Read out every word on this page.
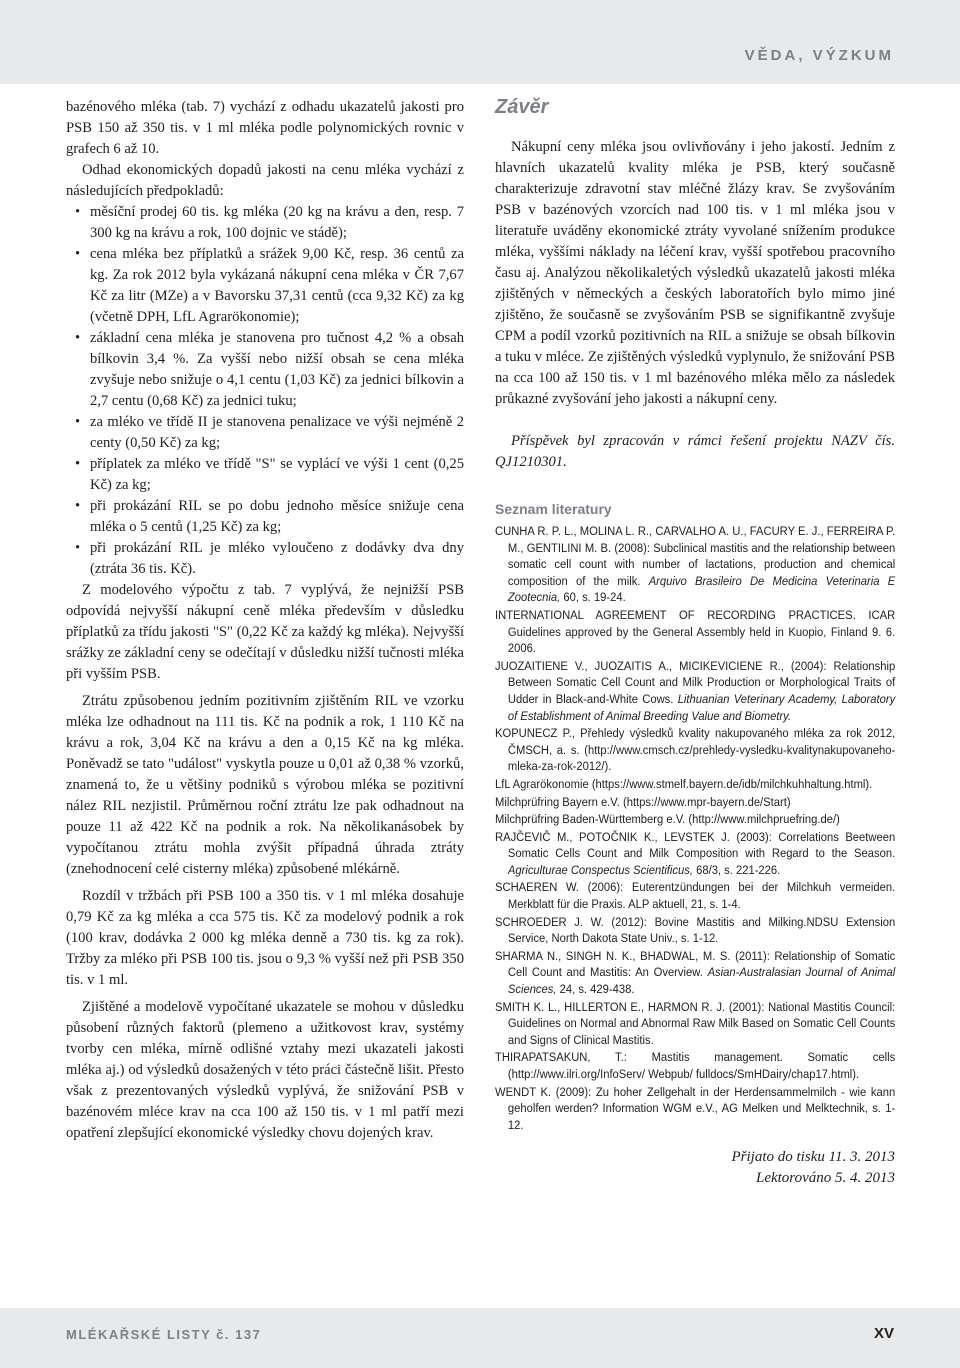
VĚDA, VÝZKUM

bazénového mléka (tab. 7) vychází z odhadu ukazatelů jakosti pro PSB 150 až 350 tis. v 1 ml mléka podle polynomických rovnic v grafech 6 až 10.

Odhad ekonomických dopadů jakosti na cenu mléka vychází z následujících předpokladů:

• měsíční prodej 60 tis. kg mléka (20 kg na krávu a den, resp. 7 300 kg na krávu a rok, 100 dojnic ve stádě);
• cena mléka bez příplatků a srážek 9,00 Kč, resp. 36 centů za kg. Za rok 2012 byla vykázaná nákupní cena mléka v ČR 7,67 Kč za litr (MZe) a v Bavorsku 37,31 centů (cca 9,32 Kč) za kg (včetně DPH, LfL Agrarökonomie);
• základní cena mléka je stanovena pro tučnost 4,2 % a obsah bílkovin 3,4 %. Za vyšší nebo nižší obsah se cena mléka zvyšuje nebo snižuje o 4,1 centu (1,03 Kč) za jednici bílkovin a 2,7 centu (0,68 Kč) za jednici tuku;
• za mléko ve třídě II je stanovena penalizace ve výši nejméně 2 centy (0,50 Kč) za kg;
• příplatek za mléko ve třídě "S" se vyplácí ve výši 1 cent (0,25 Kč) za kg;
• při prokázání RIL se po dobu jednoho měsíce snižuje cena mléka o 5 centů (1,25 Kč) za kg;
• při prokázání RIL je mléko vyloučeno z dodávky dva dny (ztráta 36 tis. Kč).

Z modelového výpočtu z tab. 7 vyplývá, že nejnižší PSB odpovídá nejvyšší nákupní ceně mléka především v důsledku příplatků za třídu jakosti "S" (0,22 Kč za každý kg mléka). Nejvyšší srážky ze základní ceny se odečítají v důsledku nižší tučnosti mléka při vyšším PSB.

Ztrátu způsobenou jedním pozitivním zjištěním RIL ve vzorku mléka lze odhadnout na 111 tis. Kč na podnik a rok, 1 110 Kč na krávu a rok, 3,04 Kč na krávu a den a 0,15 Kč na kg mléka. Poněvadž se tato "událost" vyskytla pouze u 0,01 až 0,38 % vzorků, znamená to, že u většiny podniků s výrobou mléka se pozitivní nález RIL nezjistil. Průměrnou roční ztrátu lze pak odhadnout na pouze 11 až 422 Kč na podnik a rok. Na několikanásobek by vypočítanou ztrátu mohla zvýšit případná úhrada ztráty (znehodnocení celé cisterny mléka) způsobené mlékárně.

Rozdíl v tržbách při PSB 100 a 350 tis. v 1 ml mléka dosahuje 0,79 Kč za kg mléka a cca 575 tis. Kč za modelový podnik a rok (100 krav, dodávka 2 000 kg mléka denně a 730 tis. kg za rok). Tržby za mléko při PSB 100 tis. jsou o 9,3 % vyšší než při PSB 350 tis. v 1 ml.

Zjištěné a modelově vypočítané ukazatele se mohou v důsledku působení různých faktorů (plemeno a užitkovost krav, systémy tvorby cen mléka, mírně odlišné vztahy mezi ukazateli jakosti mléka aj.) od výsledků dosažených v této práci částečně lišit. Přesto však z prezentovaných výsledků vyplývá, že snižování PSB v bazénovém mléce krav na cca 100 až 150 tis. v 1 ml patří mezi opatření zlepšující ekonomické výsledky chovu dojených krav.

Závěr

Nákupní ceny mléka jsou ovlivňovány i jeho jakostí. Jedním z hlavních ukazatelů kvality mléka je PSB, který současně charakterizuje zdravotní stav mléčné žlázy krav. Se zvyšováním PSB v bazénových vzorcích nad 100 tis. v 1 ml mléka jsou v literatuře uváděny ekonomické ztráty vyvolané snížením produkce mléka, vyššími náklady na léčení krav, vyšší spotřebou pracovního času aj. Analýzou několikaletých výsledků ukazatelů jakosti mléka zjištěných v německých a českých laboratořích bylo mimo jiné zjištěno, že současně se zvyšováním PSB se signifikantně zvyšuje CPM a podíl vzorků pozitivních na RIL a snižuje se obsah bílkovin a tuku v mléce. Ze zjištěných výsledků vyplynulo, že snižování PSB na cca 100 až 150 tis. v 1 ml bazénového mléka mělo za následek průkazné zvyšování jeho jakosti a nákupní ceny.

Příspěvek byl zpracován v rámci řešení projektu NAZV čís. QJ1210301.

Seznam literatury

CUNHA R. P. L., MOLINA L. R., CARVALHO A. U., FACURY E. J., FERREIRA P. M., GENTILINI M. B. (2008): Subclinical mastitis and the relationship between somatic cell count with number of lactations, production and chemical composition of the milk. Arquivo Brasileiro De Medicina Veterinaria E Zootecnia, 60, s. 19-24.

INTERNATIONAL AGREEMENT OF RECORDING PRACTICES. ICAR Guidelines approved by the General Assembly held in Kuopio, Finland 9. 6. 2006.

JUOZAITIENE V., JUOZAITIS A., MICIKEVICIENE R., (2004): Relationship Between Somatic Cell Count and Milk Production or Morphological Traits of Udder in Black-and-White Cows. Lithuanian Veterinary Academy, Laboratory of Establishment of Animal Breeding Value and Biometry.

KOPUNECZ P., Přehledy výsledků kvality nakupovaného mléka za rok 2012, ČMSCH, a. s. (http://www.cmsch.cz/prehledy-vysledku-kvalitynakupovaneho-mleka-za-rok-2012/).

LfL Agrarökonomie (https://www.stmelf.bayern.de/idb/milchkuhhaltung.html).

Milchprüfring Bayern e.V. (https://www.mpr-bayern.de/Start)

Milchprüfring Baden-Württemberg e.V. (http://www.milchpruefring.de/)

RAJČEVIČ M., POTOČNIK K., LEVSTEK J. (2003): Correlations Beetween Somatic Cells Count and Milk Composition with Regard to the Season. Agriculturae Conspectus Scientificus, 68/3, s. 221-226.

SCHAEREN W. (2006): Euterentzündungen bei der Milchkuh vermeiden. Merkblatt für die Praxis. ALP aktuell, 21, s. 1-4.

SCHROEDER J. W. (2012): Bovine Mastitis and Milking.NDSU Extension Service, North Dakota State Univ., s. 1-12.

SHARMA N., SINGH N. K., BHADWAL, M. S. (2011): Relationship of Somatic Cell Count and Mastitis: An Overview. Asian-Australasian Journal of Animal Sciences, 24, s. 429-438.

SMITH K. L., HILLERTON E., HARMON R. J. (2001): National Mastitis Council: Guidelines on Normal and Abnormal Raw Milk Based on Somatic Cell Counts and Signs of Clinical Mastitis.

THIRAPATSAKUN, T.: Mastitis management. Somatic cells (http://www.ilri.org/InfoServ/ Webpub/ fulldocs/SmHDairy/chap17.html).

WENDT K. (2009): Zu hoher Zellgehalt in der Herdensammelmilch - wie kann geholfen werden? Information WGM e.V., AG Melken und Melktechnik, s. 1-12.

Přijato do tisku 11. 3. 2013
Lektorováno 5. 4. 2013
MLÉKAŘSKÉ LISTY č. 137	XV
